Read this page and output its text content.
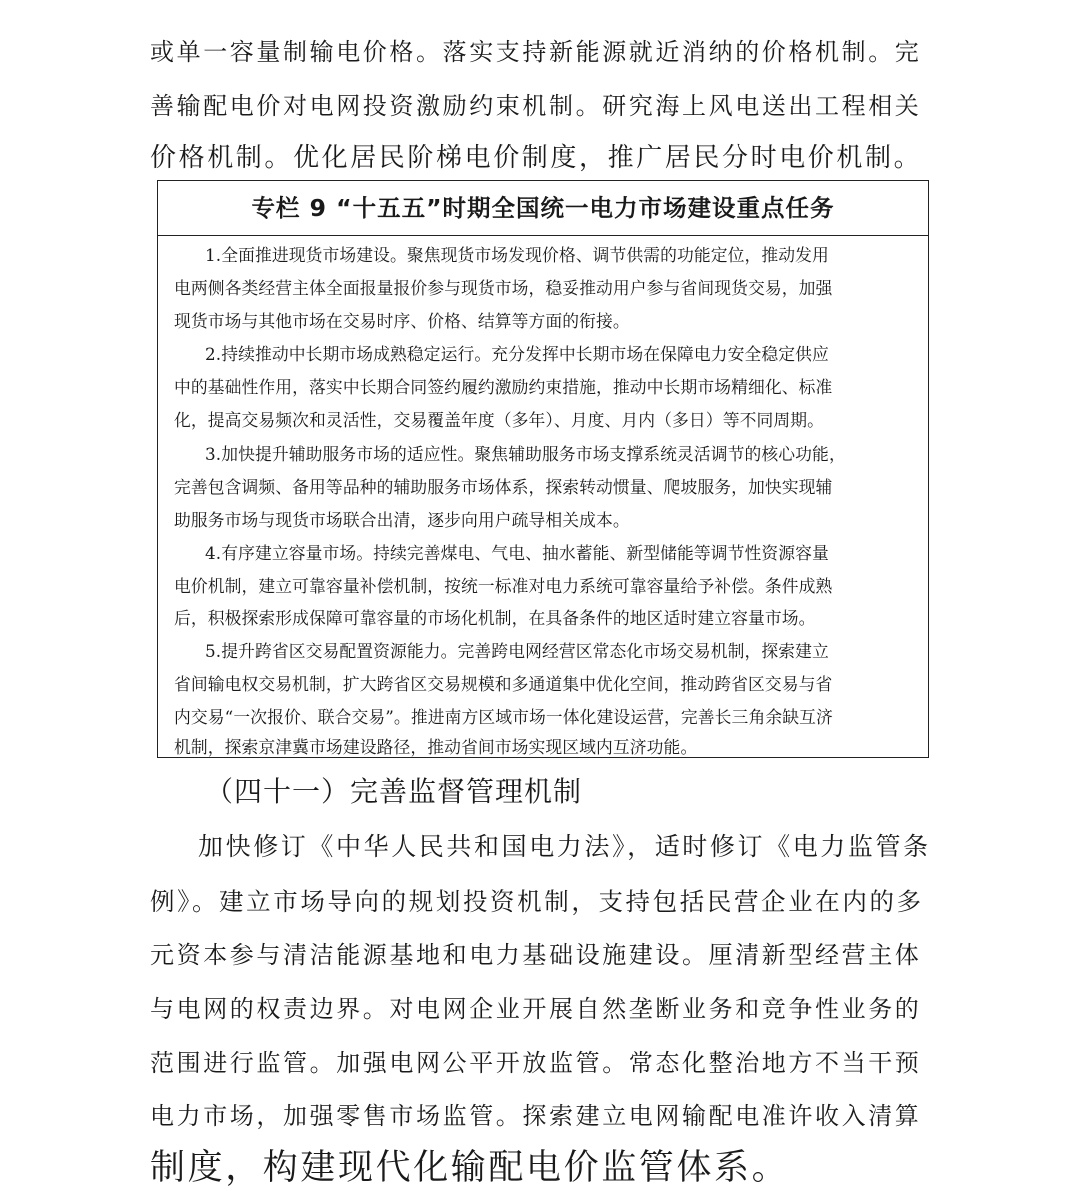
或单一容量制输电价格。落实支持新能源就近消纳的价格机制。完
善输配电价对电网投资激励约束机制。研究海上风电送出工程相关
价格机制。优化居民阶梯电价制度，推广居民分时电价机制。
专栏 9 “十五五”时期全国统一电力市场建设重点任务
1.全面推进现货市场建设。聚焦现货市场发现价格、调节供需的功能定位，推动发用
电两侧各类经营主体全面报量报价参与现货市场，稳妥推动用户参与省间现货交易，加强
现货市场与其他市场在交易时序、价格、结算等方面的衔接。
2.持续推动中长期市场成熟稳定运行。充分发挥中长期市场在保障电力安全稳定供应
中的基础性作用，落实中长期合同签约履约激励约束措施，推动中长期市场精细化、标准
化，提高交易频次和灵活性，交易覆盖年度（多年）、月度、月内（多日）等不同周期。
3.加快提升辅助服务市场的适应性。聚焦辅助服务市场支撑系统灵活调节的核心功能，
完善包含调频、备用等品种的辅助服务市场体系，探索转动惯量、爬坡服务，加快实现辅
助服务市场与现货市场联合出清，逐步向用户疏导相关成本。
4.有序建立容量市场。持续完善煤电、气电、抽水蓄能、新型储能等调节性资源容量
电价机制，建立可靠容量补偿机制，按统一标准对电力系统可靠容量给予补偿。条件成熟
后，积极探索形成保障可靠容量的市场化机制，在具备条件的地区适时建立容量市场。
5.提升跨省区交易配置资源能力。完善跨电网经营区常态化市场交易机制，探索建立
省间输电权交易机制，扩大跨省区交易规模和多通道集中优化空间，推动跨省区交易与省
内交易“一次报价、联合交易”。推进南方区域市场一体化建设运营，完善长三角余缺互济
机制，探索京津冀市场建设路径，推动省间市场实现区域内互济功能。
（四十一）完善监督管理机制
加快修订《中华人民共和国电力法》，适时修订《电力监管条
例》。建立市场导向的规划投资机制，支持包括民营企业在内的多
元资本参与清洁能源基地和电力基础设施建设。厘清新型经营主体
与电网的权责边界。对电网企业开展自然垄断业务和竞争性业务的
范围进行监管。加强电网公平开放监管。常态化整治地方不当干预
电力市场，加强零售市场监管。探索建立电网输配电准许收入清算
制度，构建现代化输配电价监管体系。
